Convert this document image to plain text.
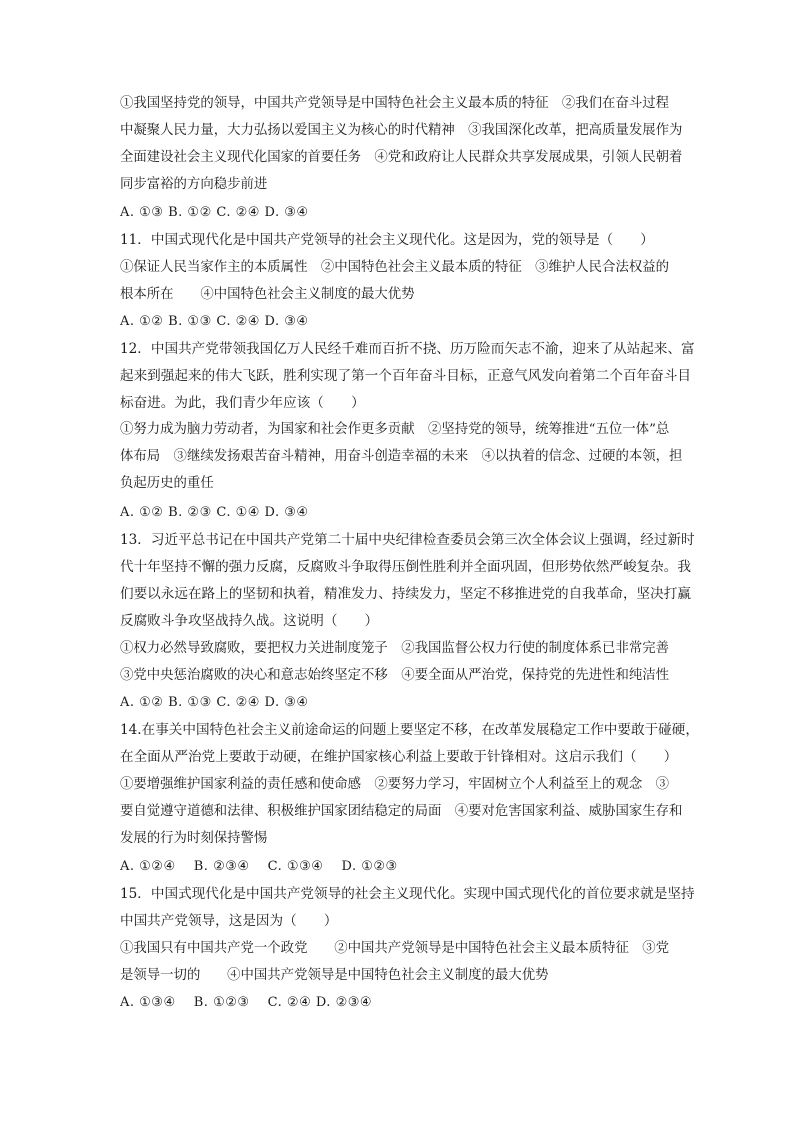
①我国坚持党的领导，中国共产党领导是中国特色社会主义最本质的特征　②我们在奋斗过程
中凝聚人民力量，大力弘扬以爱国主义为核心的时代精神　③我国深化改革，把高质量发展作为
全面建设社会主义现代化国家的首要任务　④党和政府让人民群众共享发展成果，引领人民朝着
同步富裕的方向稳步前进
A. ①③ B. ①② C. ②④ D. ③④
11．中国式现代化是中国共产党领导的社会主义现代化。这是因为，党的领导是（　　）
①保证人民当家作主的本质属性　②中国特色社会主义最本质的特征　③维护人民合法权益的
根本所在　　④中国特色社会主义制度的最大优势
A. ①② B. ①③ C. ②④ D. ③④
12．中国共产党带领我国亿万人民经千难而百折不挠、历万险而矢志不渝，迎来了从站起来、富
起来到强起来的伟大飞跃，胜利实现了第一个百年奋斗目标，正意气风发向着第二个百年奋斗目
标奋进。为此，我们青少年应该（　　）
①努力成为脑力劳动者，为国家和社会作更多贡献　②坚持党的领导，统筹推进“五位一体”总
体布局　③继续发扬艰苦奋斗精神，用奋斗创造幸福的未来　④以执着的信念、过硬的本领，担
负起历史的重任
A. ①② B. ②③ C. ①④ D. ③④
13．习近平总书记在中国共产党第二十届中央纪律检查委员会第三次全体会议上强调，经过新时
代十年坚持不懈的强力反腐，反腐败斗争取得压倒性胜利并全面巩固，但形势依然严峻复杂。我
们要以永远在路上的坚韧和执着，精准发力、持续发力，坚定不移推进党的自我革命，坚决打赢
反腐败斗争攻坚战持久战。这说明（　　）
①权力必然导致腐败，要把权力关进制度笼子　②我国监督公权力行使的制度体系已非常完善
③党中央惩治腐败的决心和意志始终坚定不移　④要全面从严治党，保持党的先进性和纯洁性
A. ①② B. ①③ C. ②④ D. ③④
14.在事关中国特色社会主义前途命运的问题上要坚定不移，在改革发展稳定工作中要敢于碰硬，
在全面从严治党上要敢于动硬，在维护国家核心利益上要敢于针锋相对。这启示我们（　　）
①要增强维护国家利益的责任感和使命感　②要努力学习，牢固树立个人利益至上的观念　③
要自觉遵守道德和法律、积极维护国家团结稳定的局面　④要对危害国家利益、威胁国家生存和
发展的行为时刻保持警惕
A. ①②④　 B. ②③④　 C. ①③④　 D. ①②③
15．中国式现代化是中国共产党领导的社会主义现代化。实现中国式现代化的首位要求就是坚持
中国共产党领导，这是因为（　　）
①我国只有中国共产党一个政党　　②中国共产党领导是中国特色社会主义最本质特征　③党
是领导一切的　　④中国共产党领导是中国特色社会主义制度的最大优势
A. ①③④　 B. ①②③　 C. ②④ D. ②③④
